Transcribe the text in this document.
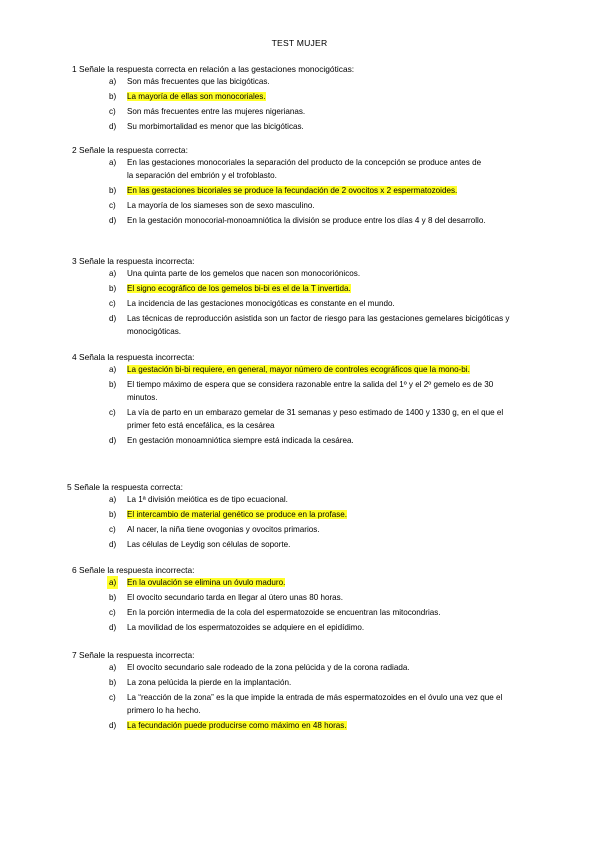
TEST MUJER
1 Señale la respuesta correcta en relación a las gestaciones monocigóticas:
a) Son más frecuentes que las bicigóticas.
b) La mayoría de ellas son monocoriales.
c) Son más frecuentes entre las mujeres nigerianas.
d) Su morbimortalidad es menor que las bicigóticas.
2 Señale la respuesta correcta:
a) En las gestaciones monocoriales la separación del producto de la concepción se produce antes de la separación del embrión y el trofoblasto.
b) En las gestaciones bicoriales se produce la fecundación de 2 ovocitos x 2 espermatozoides.
c) La mayoría de los siameses son de sexo masculino.
d) En la gestación monocorial-monoamniótica la división se produce entre los días 4 y 8 del desarrollo.
3 Señale la respuesta incorrecta:
a) Una quinta parte de los gemelos que nacen son monocoriónicos.
b) El signo ecográfico de los gemelos bi-bi es el de la T invertida.
c) La incidencia de las gestaciones monocigóticas es constante en el mundo.
d) Las técnicas de reproducción asistida son un factor de riesgo para las gestaciones gemelares bicigóticas y monocigóticas.
4 Señala la respuesta incorrecta:
a) La gestación bi-bi requiere, en general, mayor número de controles ecográficos que la mono-bi.
b) El tiempo máximo de espera que se considera razonable entre la salida del 1º y el 2º gemelo es de 30 minutos.
c) La vía de parto en un embarazo gemelar de 31 semanas y peso estimado de 1400 y 1330 g, en el que el primer feto está encefálica, es la cesárea
d) En gestación monoamniótica siempre está indicada la cesárea.
5 Señale la respuesta correcta:
a) La 1ª división meiótica es de tipo ecuacional.
b) El intercambio de material genético se produce en la profase.
c) Al nacer, la niña tiene ovogonias y ovocitos primarios.
d) Las células de Leydig son células de soporte.
6 Señale la respuesta incorrecta:
a) En la ovulación se elimina un óvulo maduro.
b) El ovocito secundario tarda en llegar al útero unas 80 horas.
c) En la porción intermedia de la cola del espermatozoide se encuentran las mitocondrias.
d) La movilidad de los espermatozoides se adquiere en el epidídimo.
7 Señale la respuesta incorrecta:
a) El ovocito secundario sale rodeado de la zona pelúcida y de la corona radiada.
b) La zona pelúcida la pierde en la implantación.
c) La “reacción de la zona” es la que impide la entrada de más espermatozoides en el óvulo una vez que el primero lo ha hecho.
d) La fecundación puede producirse como máximo en 48 horas.
